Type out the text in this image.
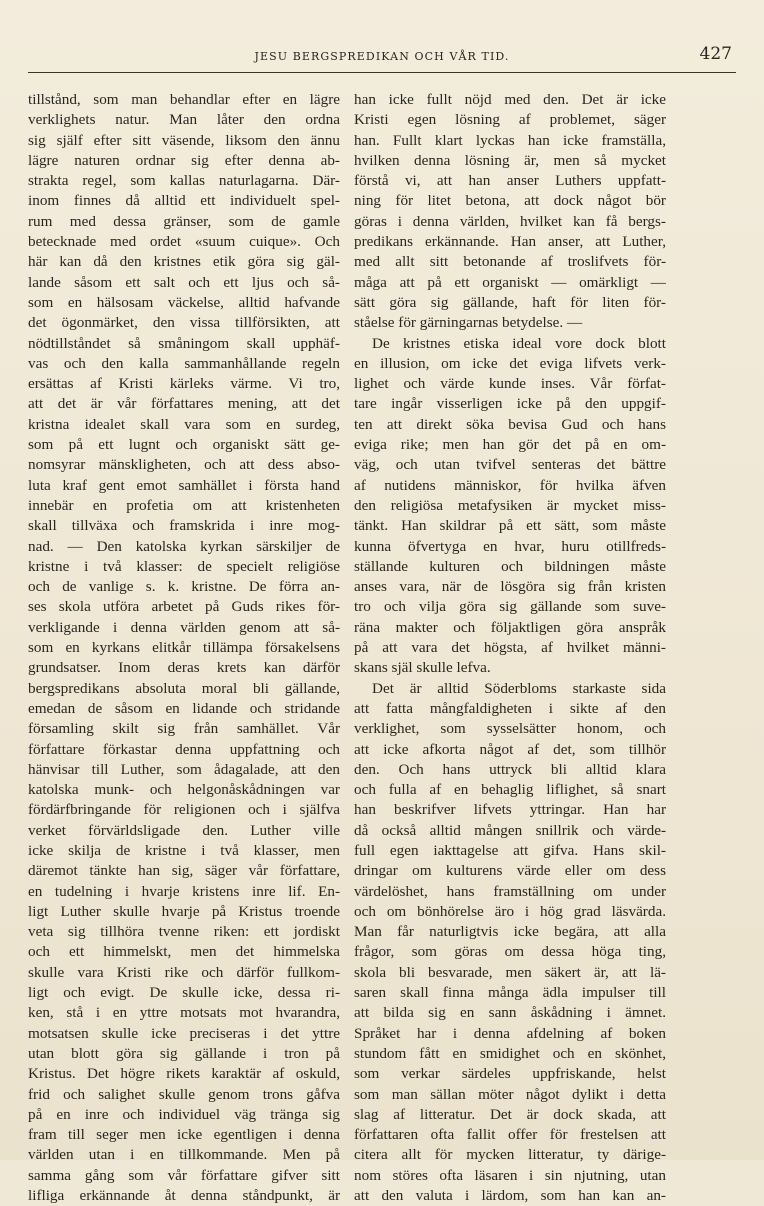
JESU BERGSPREDIKAN OCH VÅR TID.	427
tillstånd, som man behandlar efter en lägre
verklighets natur. Man låter den ordna
sig själf efter sitt väsende, liksom den ännu
lägre naturen ordnar sig efter denna ab-
strakta regel, som kallas naturlagarna. Där-
inom finnes då alltid ett individuelt spel-
rum med dessa gränser, som de gamle
betecknade med ordet «suum cuique». Och
här kan då den kristnes etik göra sig gäl-
lande såsom ett salt och ett ljus och så-
som en hälsosam väckelse, alltid hafvande
det ögonmärket, den vissa tillförsikten, att
nödtillståndet så småningom skall upphäf-
vas och den kalla sammanhållande regeln
ersättas af Kristi kärleks värme. Vi tro,
att det är vår författares mening, att det
kristna idealet skall vara som en surdeg,
som på ett lugnt och organiskt sätt ge-
nomsyrar mänskligheten, och att dess abso-
luta kraf gent emot samhället i första hand
innebär en profetia om att kristenheten
skall tillväxa och framskrida i inre mog-
nad. — Den katolska kyrkan särskiljer de
kristne i två klasser: de specielt religiöse
och de vanlige s. k. kristne. De förra an-
ses skola utföra arbetet på Guds rikes för-
verkligande i denna världen genom att så-
som en kyrkans elitkår tillämpa försakelsens
grundsatser. Inom deras krets kan därför
bergspredikans absoluta moral bli gällande,
emedan de såsom en lidande och stridande
församling skilt sig från samhället. Vår
författare förkastar denna uppfattning och
hänvisar till Luther, som ådagalade, att den
katolska munk- och helgonåskådningen var
fördärfbringande för religionen och i själfva
verket förvärldsligade den. Luther ville
icke skilja de kristne i två klasser, men
däremot tänkte han sig, säger vår författare,
en tudelning i hvarje kristens inre lif. En-
ligt Luther skulle hvarje på Kristus troende
veta sig tillhöra tvenne riken: ett jordiskt
och ett himmelskt, men det himmelska
skulle vara Kristi rike och därför fullkom-
ligt och evigt. De skulle icke, dessa ri-
ken, stå i en yttre motsats mot hvarandra,
motsatsen skulle icke preciseras i det yttre
utan blott göra sig gällande i tron på
Kristus. Det högre rikets karaktär af oskuld,
frid och salighet skulle genom trons gåfva
på en inre och individuel väg tränga sig
fram till seger men icke egentligen i denna
världen utan i en tillkommande. Men på
samma gång som vår författare gifver sitt
lifliga erkännande åt denna ståndpunkt, är
han icke fullt nöjd med den. Det är icke
Kristi egen lösning af problemet, säger
han. Fullt klart lyckas han icke framställa,
hvilken denna lösning är, men så mycket
förstå vi, att han anser Luthers uppfatt-
ning för litet betona, att dock något bör
göras i denna världen, hvilket kan få bergs-
predikans erkännande. Han anser, att Luther,
med allt sitt betonande af troslifvets för-
måga att på ett organiskt — omärkligt —
sätt göra sig gällande, haft för liten för-
ståelse för gärningarnas betydelse. —
De kristnes etiska ideal vore dock blott
en illusion, om icke det eviga lifvets verk-
lighet och värde kunde inses. Vår förfat-
tare ingår visserligen icke på den uppgif-
ten att direkt söka bevisa Gud och hans
eviga rike; men han gör det på en om-
väg, och utan tvifvel senteras det bättre
af nutidens människor, för hvilka äfven
den religiösa metafysiken är mycket miss-
tänkt. Han skildrar på ett sätt, som måste
kunna öfvertyga en hvar, huru otillfreds-
ställande kulturen och bildningen måste
anses vara, när de lösgöra sig från kristen
tro och vilja göra sig gällande som suve-
räna makter och följaktligen göra anspråk
på att vara det högsta, af hvilket männi-
skans själ skulle lefva.
Det är alltid Söderbloms starkaste sida
att fatta mångfaldigheten i sikte af den
verklighet, som sysselsätter honom, och
att icke afkorta något af det, som tillhör
den. Och hans uttryck bli alltid klara
och fulla af en behaglig liflighet, så snart
han beskrifver lifvets yttringar. Han har
då också alltid mången snillrik och värde-
full egen iakttagelse att gifva. Hans skil-
dringar om kulturens värde eller om dess
värdelöshet, hans framställning om under
och om bönhörelse äro i hög grad läsvärda.
Man får naturligtvis icke begära, att alla
frågor, som göras om dessa höga ting,
skola bli besvarade, men säkert är, att lä-
saren skall finna många ädla impulser till
att bilda sig en sann åskådning i ämnet.
Språket har i denna afdelning af boken
stundom fått en smidighet och en skönhet,
som verkar särdeles uppfriskande, helst
som man sällan möter något dylikt i detta
slag af litteratur. Det är dock skada, att
författaren ofta fallit offer för frestelsen att
citera allt för mycken litteratur, ty därige-
nom störes ofta läsaren i sin njutning, utan
att den valuta i lärdom, som han kan an-
